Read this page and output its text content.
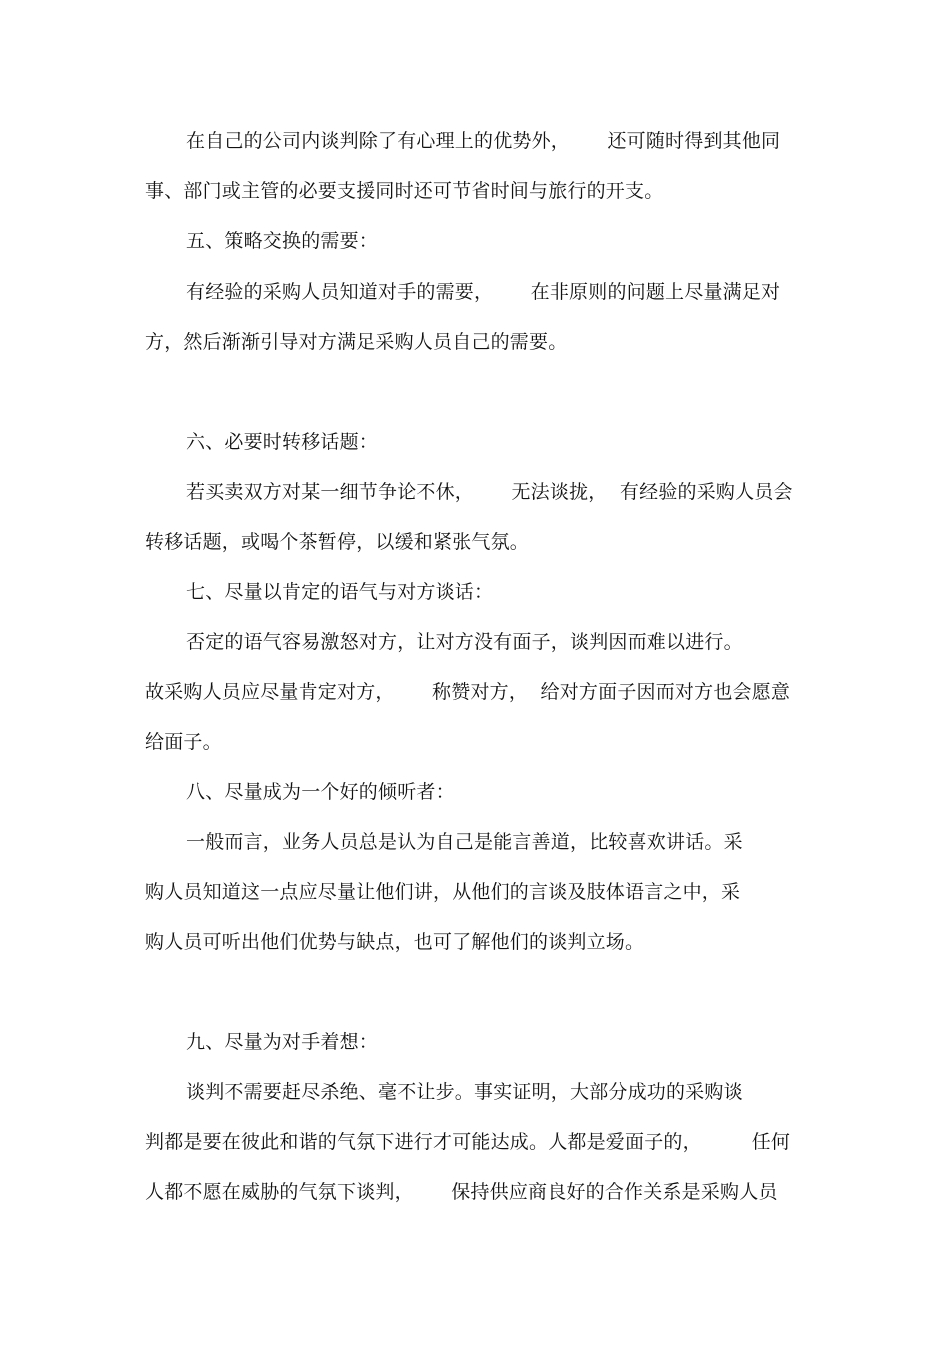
在自己的公司内谈判除了有心理上的优势外，      还可随时得到其他同
事、部门或主管的必要支援同时还可节省时间与旅行的开支。
五、策略交换的需要：
有经验的采购人员知道对手的需要，      在非原则的问题上尽量满足对
方，然后渐渐引导对方满足采购人员自己的需要。
六、必要时转移话题：
若买卖双方对某一细节争论不休，      无法谈拢，  有经验的采购人员会
转移话题，或喝个茶暂停，以缓和紧张气氛。
七、尽量以肯定的语气与对方谈话：
否定的语气容易激怒对方，让对方没有面子，谈判因而难以进行。
故采购人员应尽量肯定对方，      称赞对方，  给对方面子因而对方也会愿意
给面子。
八、尽量成为一个好的倾听者：
一般而言，业务人员总是认为自己是能言善道，比较喜欢讲话。采
购人员知道这一点应尽量让他们讲，从他们的言谈及肢体语言之中，采
购人员可听出他们优势与缺点，也可了解他们的谈判立场。
九、尽量为对手着想：
谈判不需要赶尽杀绝、毫不让步。事实证明，大部分成功的采购谈
判都是要在彼此和谐的气氛下进行才可能达成。人都是爱面子的，        任何
人都不愿在威胁的气氛下谈判，      保持供应商良好的合作关系是采购人员
